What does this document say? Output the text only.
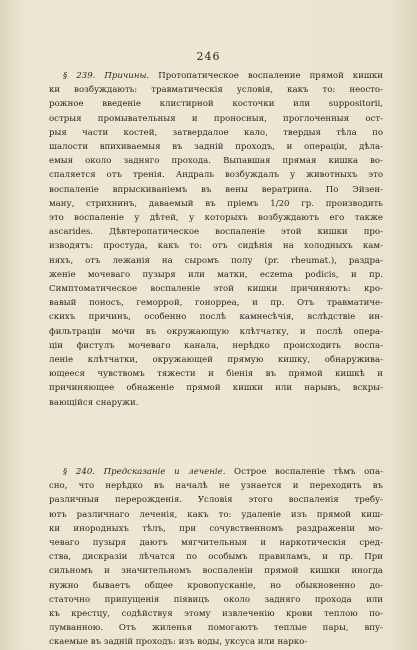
246
§ 239. Причины. Протопатическое воспаление прямой кишки
ки возбуждають: травматическія условія, какъ то: неосто-
рожное введеніе клистирной косточки или suppositorii,
острыя промывательныя и проносныя, проглоченныя ост-
рыя части костей, затвердалое кало, твердыя тѣла по
шалости впихиваемыя въ задній проходъ, и операціи, дѣла-
емыя около задняго прохода. Выпавшая прямая кишка во-
спаляется отъ тренія. Андраль возбуждалъ у животныхъ это
воспаленіе впрыскиваніемъ въ вены вератрина. По Эйзен-
ману, стрихнинъ, даваемый въ пріемъ 1/20 гр. производить
это воспаленіе у дѣтей, у которыхъ возбуждаютъ его также
ascarides. Дѣвтеропатическое воспаленіе этой кишки про-
изводятъ: простуда, какъ то: отъ сидѣнія на холодныхъ кам-
няхъ, отъ лежанія на сыромъ полу (pr. rheumat.), раздра-
женіе мочеваго пузыря или матки, eczema podicis, и пр.
Симптоматическое воспаленіе этой кишки причиняютъ: кро-
вавый поносъ, геморрой, гонорреа, и пр. Отъ травматиче-
скихъ причинъ, особенно послѣ камнесѣчія, вслѣдствіе ин-
фильтраціи мочи въ окружающую клѣтчатку, и послѣ опера-
ціи фистулъ мочеваго канала, нерѣдко происходить воспа-
леніе клѣтчатки, окружающей прямую кишку, обнаружива-
ющееся чувствомъ тяжести и біенія въ прямой кишкѣ и
причиняющее обнаженіе прямой кишки или нарывъ, вскры-
вающійся снаружи.
§ 240. Предсказаніе и леченіе. Острое воспаленіе тѣмъ опа-
сно, что нерѣдко въ началѣ не узнается и переходить въ
различныя перерожденія. Условія этого воспаленія требу-
ютъ различнаго леченія, какъ то: удаленіе изъ прямой киш-
ки инородныхъ тѣлъ, при сочувственномъ раздраженіи мо-
чеваго пузыря даютъ мягчительныя и наркотическія сред-
ства, дискразіи лѣчатся по особымъ правиламъ, и пр. При
сильномъ и значительномъ воспаленіи прямой кишки иногда
нужно бываетъ общее кровопусканіе, но обыкновенно до-
статочно припущенія піявицъ около задняго прохода или
къ крестцу, содѣйствуя этому извлеченію крови теплою по-
лумванною. Отъ жиленья помогаютъ теплые пары, впу-
скаемые въ задній проходъ: изъ воды, уксуса или нарко-
